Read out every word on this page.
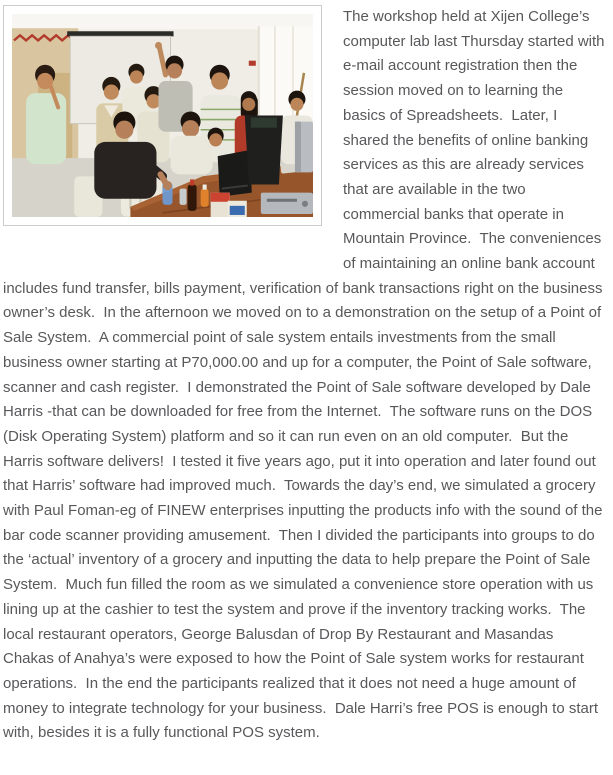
The workshop held at Xijen College’s computer lab last Thursday started with e-mail account registration then the session moved on to learning the basics of Spreadsheets.  Later, I shared the benefits of online banking services as this are already services that are available in the two commercial banks that operate in Mountain Province.  The conveniences of maintaining an online bank account includes fund transfer, bills payment, verification of bank transactions right on the business owner’s desk.  In the afternoon we moved on to a demonstration on the setup of a Point of Sale System.  A commercial point of sale system entails investments from the small business owner starting at P70,000.00 and up for a computer, the Point of Sale software, scanner and cash register.  I demonstrated the Point of Sale software developed by Dale Harris -that can be downloaded for free from the Internet.  The software runs on the DOS (Disk Operating System) platform and so it can run even on an old computer.  But the Harris software delivers!  I tested it five years ago, put it into operation and later found out that Harris’ software had improved much.  Towards the day’s end, we simulated a grocery with Paul Foman-eg of FINEW enterprises inputting the products info with the sound of the bar code scanner providing amusement.  Then I divided the participants into groups to do the ‘actual’ inventory of a grocery and inputting the data to help prepare the Point of Sale System.  Much fun filled the room as we simulated a convenience store operation with us lining up at the cashier to test the system and prove if the inventory tracking works.  The local restaurant operators, George Balusdan of Drop By Restaurant and Masandas Chakas of Anahya’s were exposed to how the Point of Sale system works for restaurant operations.  In the end the participants realized that it does not need a huge amount of money to integrate technology for your business.  Dale Harri’s free POS is enough to start with, besides it is a fully functional POS system.
